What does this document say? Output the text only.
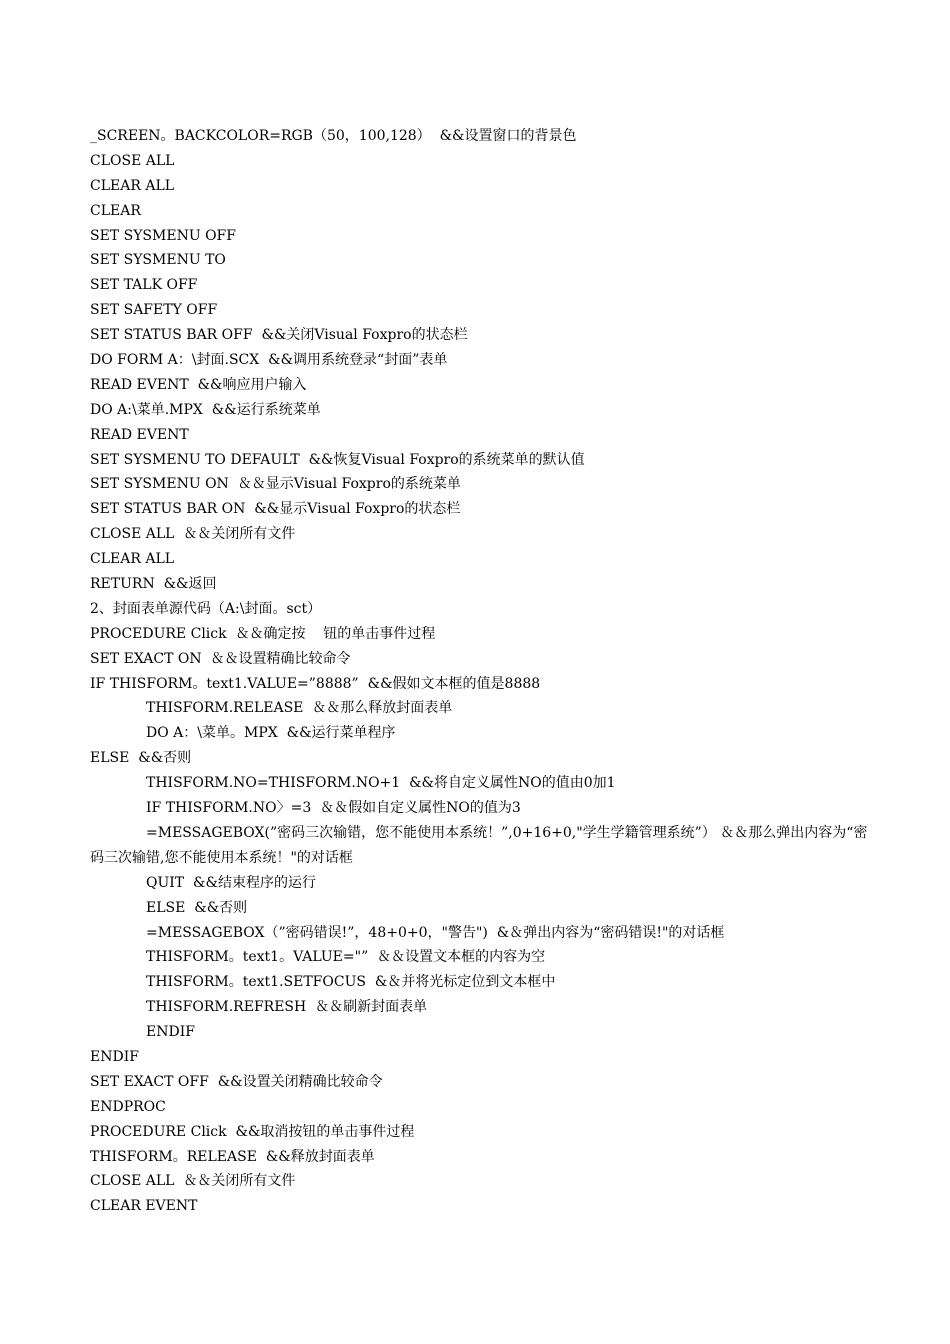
_SCREEN。BACKCOLOR=RGB（50，100,128）  &&设置窗口的背景色
CLOSE ALL
CLEAR ALL
CLEAR
SET SYSMENU OFF
SET SYSMENU TO
SET TALK OFF
SET SAFETY OFF
SET STATUS BAR OFF  &&关闭Visual Foxpro的状态栏
DO FORM A：\封面.SCX  &&调用系统登录“封面”表单
READ EVENT  &&响应用户输入
DO A:\菜单.MPX  &&运行系统菜单
READ EVENT
SET SYSMENU TO DEFAULT  &&恢复Visual Foxpro的系统菜单的默认值
SET SYSMENU ON  ＆＆显示Visual Foxpro的系统菜单
SET STATUS BAR ON  &&显示Visual Foxpro的状态栏
CLOSE ALL  ＆＆关闭所有文件
CLEAR ALL
RETURN  &&返回
2、封面表单源代码（A:\封面。sct）
PROCEDURE Click  ＆＆确定按    钮的单击事件过程
SET EXACT ON  ＆＆设置精确比较命令
IF THISFORM。text1.VALUE=”8888”  &&假如文本框的值是8888
THISFORM.RELEASE  ＆＆那么释放封面表单
DO A：\菜单。MPX  &&运行菜单程序
ELSE  &&否则
THISFORM.NO=THISFORM.NO+1  &&将自定义属性NO的值由0加1
IF THISFORM.NO〉=3  ＆＆假如自定义属性NO的值为3
=MESSAGEBOX(”密码三次输错，您不能使用本系统！”,0+16+0,"学生学籍管理系统”） ＆＆那么弹出内容为“密码三次输错,您不能使用本系统！"的对话框
QUIT  &&结束程序的运行
ELSE  &&否则
=MESSAGEBOX（”密码错误!”，48+0+0，"警告")  &＆弹出内容为“密码错误!"的对话框
THISFORM。text1。VALUE="”  ＆＆设置文本框的内容为空
THISFORM。text1.SETFOCUS  &＆并将光标定位到文本框中
THISFORM.REFRESH  ＆＆刷新封面表单
ENDIF
ENDIF
SET EXACT OFF  &&设置关闭精确比较命令
ENDPROC
PROCEDURE Click  &&取消按钮的单击事件过程
THISFORM。RELEASE  &&释放封面表单
CLOSE ALL  ＆＆关闭所有文件
CLEAR EVENT
